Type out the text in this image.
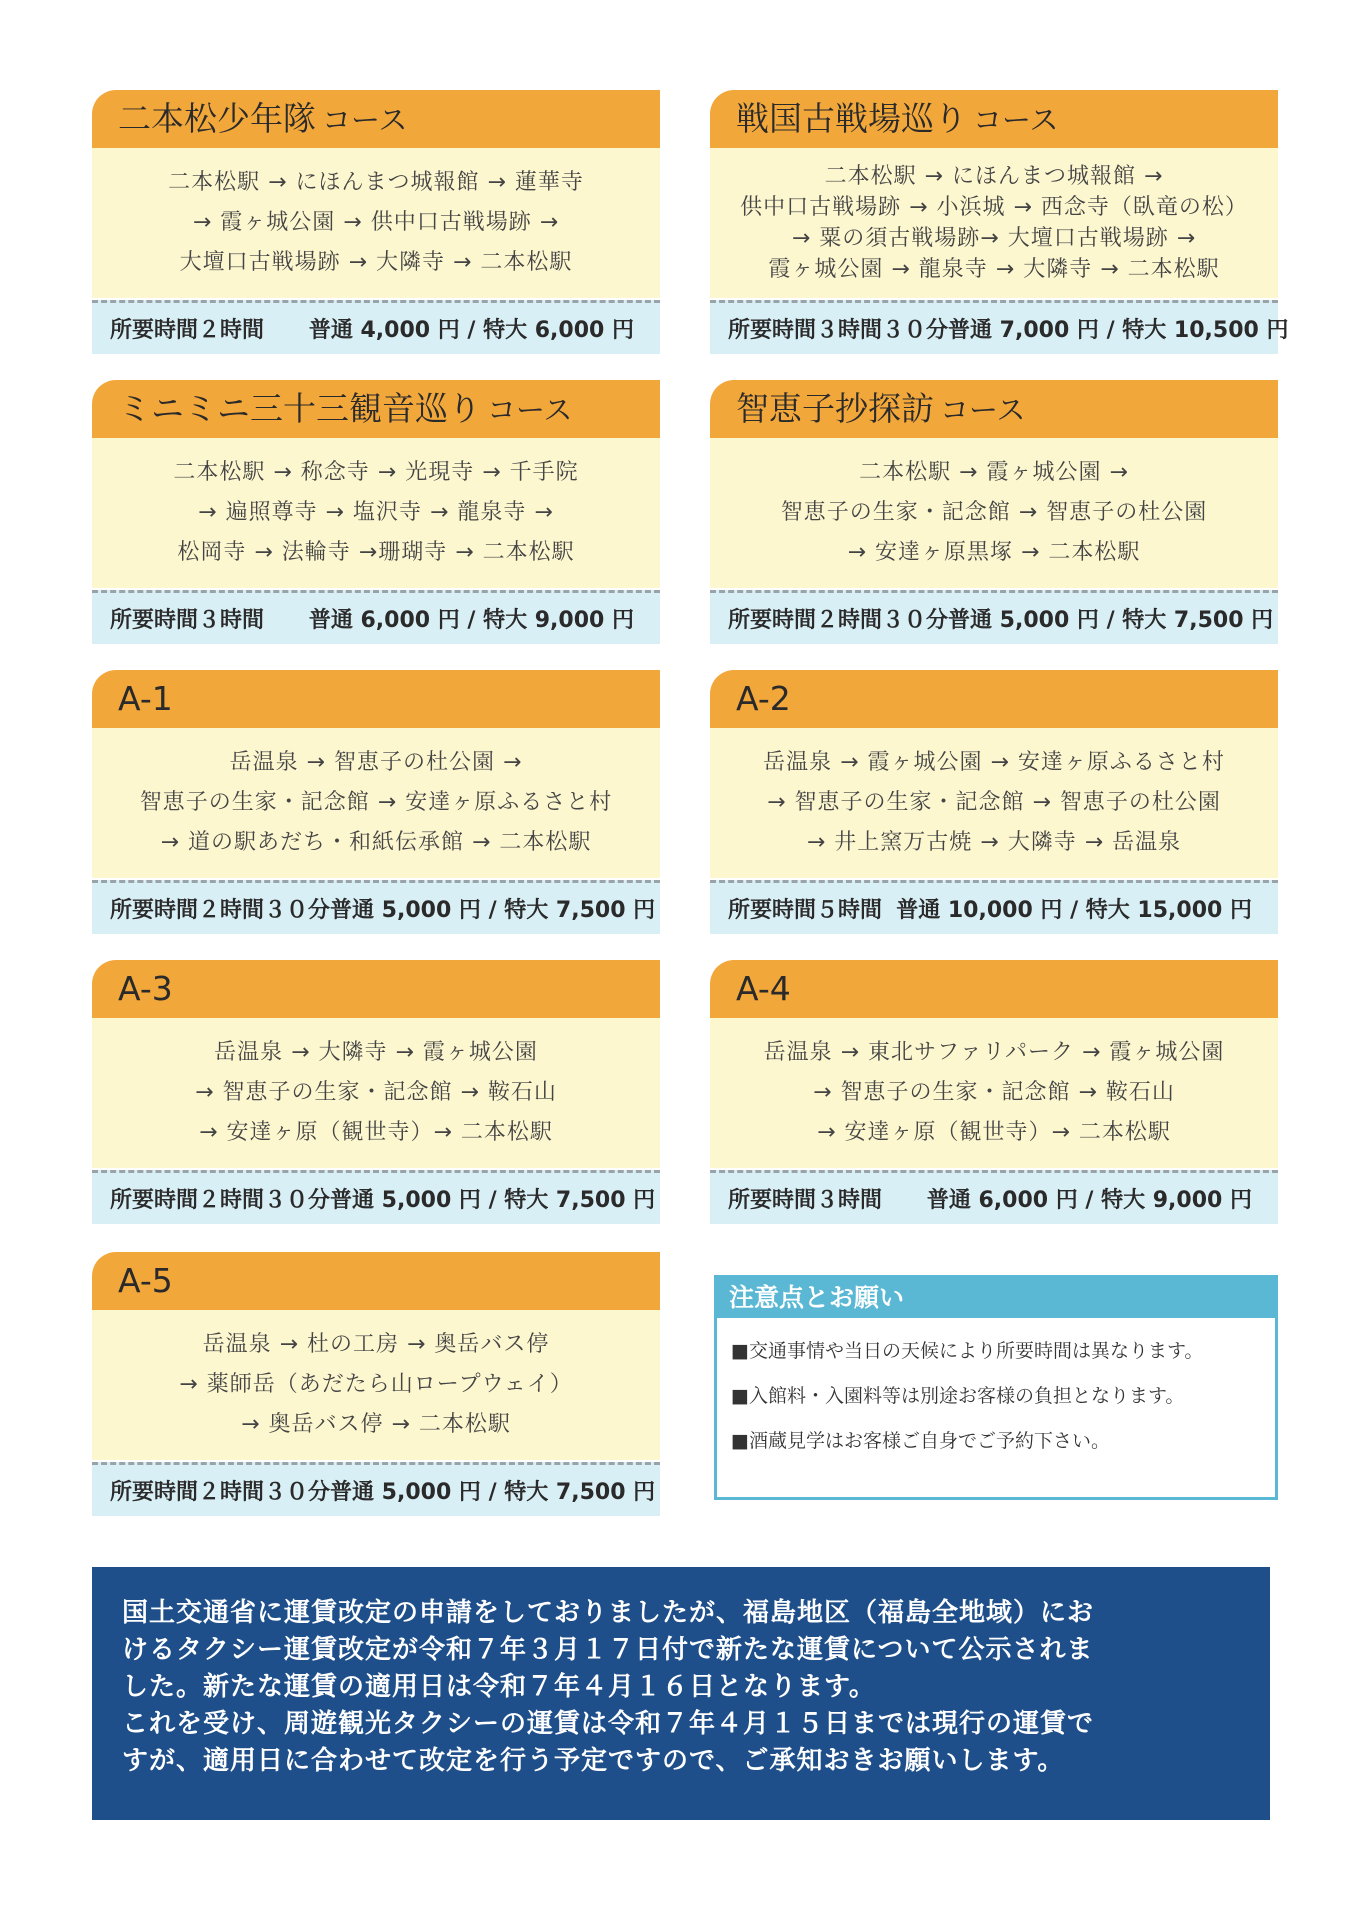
二本松少年隊 コース
二本松駅 → にほんまつ城報館 → 蓮華寺
→ 霞ヶ城公園 → 供中口古戦場跡 →
大壇口古戦場跡 → 大隣寺 → 二本松駅
所要時間２時間 普通 4,000 円 / 特大 6,000 円
戦国古戦場巡り コース
二本松駅 → にほんまつ城報館 →
供中口古戦場跡 → 小浜城 → 西念寺（臥竜の松）
→ 粟の須古戦場跡→ 大壇口古戦場跡 →
霞ヶ城公園 → 龍泉寺 → 大隣寺 → 二本松駅
所要時間３時間３０分 普通 7,000 円 / 特大 10,500 円
ミニミニ三十三観音巡り コース
二本松駅 → 称念寺 → 光現寺 → 千手院
→ 遍照尊寺 → 塩沢寺 → 龍泉寺 →
松岡寺 → 法輪寺 →珊瑚寺 → 二本松駅
所要時間３時間 普通 6,000 円 / 特大 9,000 円
智恵子抄探訪 コース
二本松駅 → 霞ヶ城公園 →
智恵子の生家・記念館 → 智恵子の杜公園
→ 安達ヶ原黒塚 → 二本松駅
所要時間２時間３０分 普通 5,000 円 / 特大 7,500 円
A-1
岳温泉 → 智恵子の杜公園 →
智恵子の生家・記念館 → 安達ヶ原ふるさと村
→ 道の駅あだち・和紙伝承館 → 二本松駅
所要時間２時間３０分 普通 5,000 円 / 特大 7,500 円
A-2
岳温泉 → 霞ヶ城公園 → 安達ヶ原ふるさと村
→ 智恵子の生家・記念館 → 智恵子の杜公園
→ 井上窯万古焼 → 大隣寺 → 岳温泉
所要時間５時間 普通 10,000 円 / 特大 15,000 円
A-3
岳温泉 → 大隣寺 → 霞ヶ城公園
→ 智恵子の生家・記念館 → 鞍石山
→ 安達ヶ原（観世寺）→ 二本松駅
所要時間２時間３０分 普通 5,000 円 / 特大 7,500 円
A-4
岳温泉 → 東北サファリパーク → 霞ヶ城公園
→ 智恵子の生家・記念館 → 鞍石山
→ 安達ヶ原（観世寺）→ 二本松駅
所要時間３時間 普通 6,000 円 / 特大 9,000 円
A-5
岳温泉 → 杜の工房 → 奥岳バス停
→ 薬師岳（あだたら山ロープウェイ）
→ 奥岳バス停 → 二本松駅
所要時間２時間３０分 普通 5,000 円 / 特大 7,500 円
注意点とお願い
■交通事情や当日の天候により所要時間は異なります。
■入館料・入園料等は別途お客様の負担となります。
■酒蔵見学はお客様ご自身でご予約下さい。

国土交通省に運賃改定の申請をしておりましたが、福島地区（福島全地域）にお

けるタクシー運賃改定が令和７年３月１７日付で新たな運賃について公示されま

した。新たな運賃の適用日は令和７年４月１６日となります。

これを受け、周遊観光タクシーの運賃は令和７年４月１５日までは現行の運賃で

すが、適用日に合わせて改定を行う予定ですので、ご承知おきお願いします。
